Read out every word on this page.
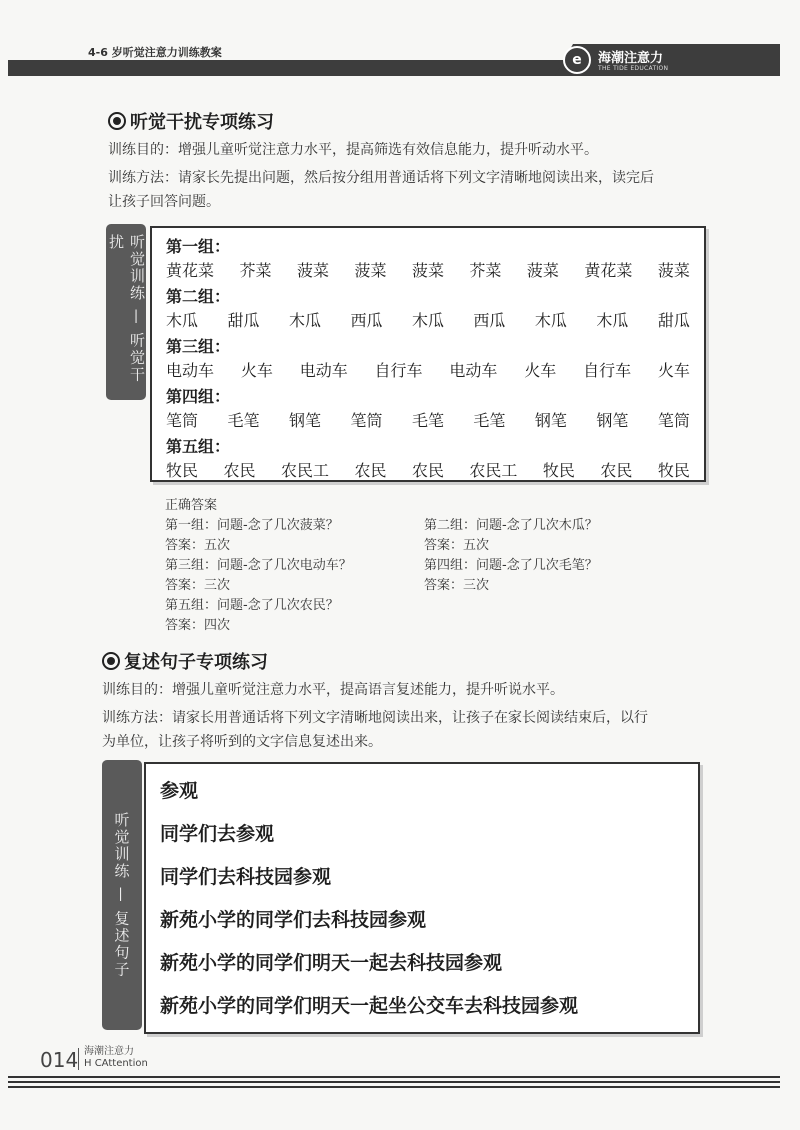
4-6 岁听觉注意力训练教案	e 海潮注意力
THE TIDE EDUCATION
听觉干扰专项练习
训练目的：增强儿童听觉注意力水平，提高筛选有效信息能力，提升听动水平。
训练方法：请家长先提出问题，然后按分组用普通话将下列文字清晰地阅读出来，读完后
让孩子回答问题。
听觉训练 — 听觉干扰	第一组：
黄花菜 芥菜 菠菜 菠菜 菠菜 芥菜 菠菜 黄花菜 菠菜
第二组：
木瓜 甜瓜 木瓜 西瓜 木瓜 西瓜 木瓜 木瓜 甜瓜
第三组：
电动车 火车 电动车 自行车 电动车 火车 自行车 火车
第四组：
笔筒 毛笔 钢笔 笔筒 毛笔 毛笔 钢笔 钢笔 笔筒
第五组：
牧民 农民 农民工 农民 农民 农民工 牧民 农民 牧民
正确答案
第一组：问题-念了几次菠菜？
答案：五次
第三组：问题-念了几次电动车？
答案：三次
第五组：问题-念了几次农民？
答案：四次
第二组：问题-念了几次木瓜？
答案：五次
第四组：问题-念了几次毛笔？
答案：三次
复述句子专项练习
训练目的：增强儿童听觉注意力水平，提高语言复述能力，提升听说水平。
训练方法：请家长用普通话将下列文字清晰地阅读出来，让孩子在家长阅读结束后，以行
为单位，让孩子将听到的文字信息复述出来。
听觉训练 — 复述句子
参观
同学们去参观
同学们去科技园参观
新苑小学的同学们去科技园参观
新苑小学的同学们明天一起去科技园参观
新苑小学的同学们明天一起坐公交车去科技园参观
014 海潮注意力
H CAttention
